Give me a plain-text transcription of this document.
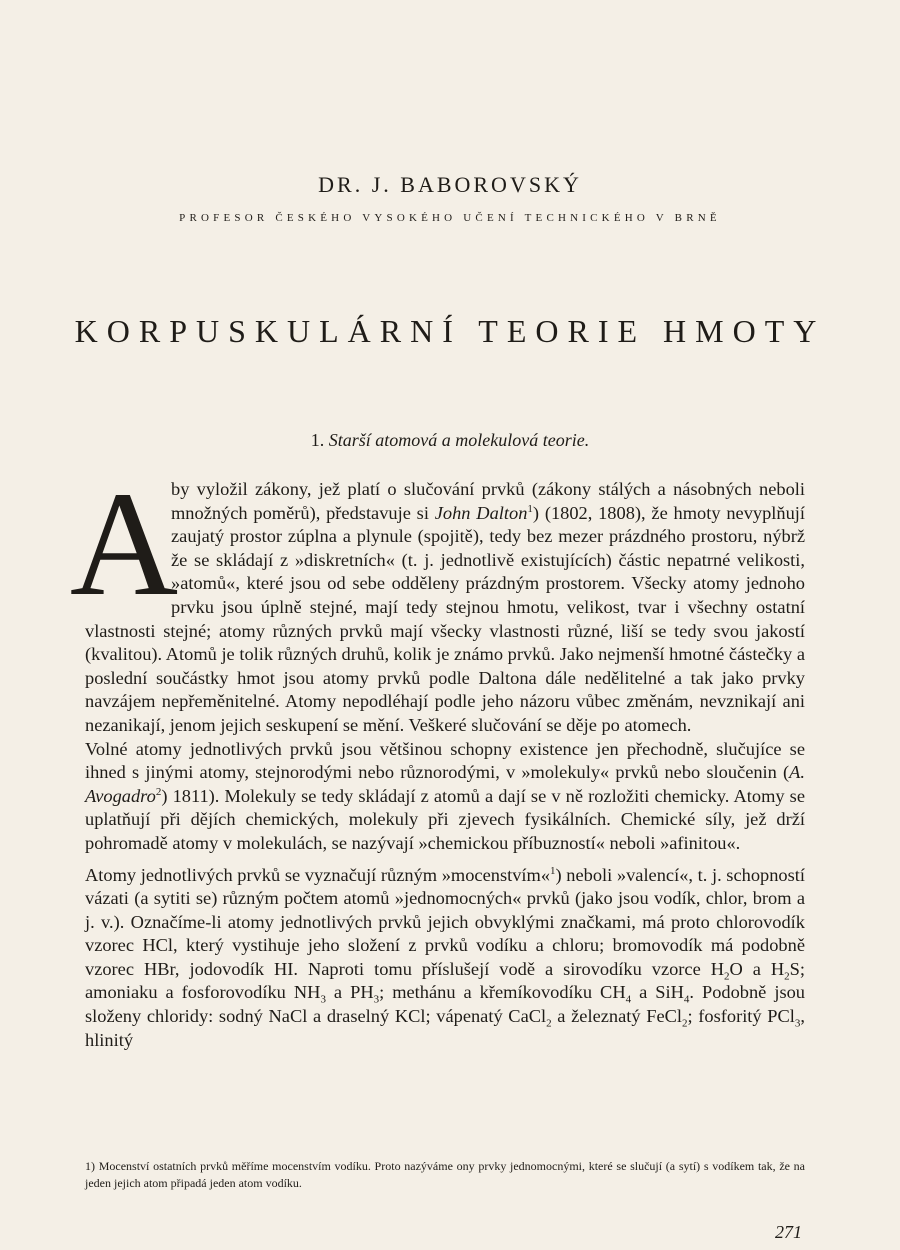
DR. J. BABOROVSKÝ
PROFESOR ČESKÉHO VYSOKÉHO UČENÍ TECHNICKÉHO V BRNĚ
KORPUSKULÁRNÍ TEORIE HMOTY
1. Starší atomová a molekulová teorie.
A

by vyložil zákony, jež platí o slučování prvků (zákony stálých a násobných neboli množných poměrů), představuje si John Dalton$^1$) (1802, 1808), že hmoty nevyplňují zaujatý prostor zúplna a plynule (spojitě), tedy bez mezer prázdného prostoru, nýbrž že se skládají z »diskretních« (t. j. jednotlivě existujících) částic nepatrné velikosti, »atomů«, které jsou od sebe odděleny prázdným prostorem. Všecky atomy jednoho prvku jsou úplně stejné, mají tedy stejnou hmotu, velikost, tvar i všechny ostatní vlastnosti stejné; atomy různých prvků mají všecky vlastnosti různé, liší se tedy svou jakostí (kvalitou). Atomů je tolik různých druhů, kolik je známo prvků. Jako nejmenší hmotné částečky a poslední součástky hmot jsou atomy prvků podle Daltona dále nedělitelné a tak jako prvky navzájem nepřeměnitelné. Atomy nepodléhají podle jeho názoru vůbec změnám, nevznikají ani nezanikají, jenom jejich seskupení se mění. Veškeré slučování se děje po atomech.

Volné atomy jednotlivých prvků jsou většinou schopny existence jen přechodně, slučujíce se ihned s jinými atomy, stejnorodými nebo různorodými, v »molekuly« prvků nebo sloučenin (A. Avogadro$^2$) 1811). Molekuly se tedy skládají z atomů a dají se v ně rozložiti chemicky. Atomy se uplatňují při dějích chemických, molekuly při zjevech fysikálních. Chemické síly, jež drží pohromadě atomy v molekulách, se nazývají »chemickou příbuzností« neboli »afinitou«.

Atomy jednotlivých prvků se vyznačují různým »mocenstvím«$^1$) neboli »valencí«, t. j. schopností vázati (a sytiti se) různým počtem atomů »jednomocných« prvků (jako jsou vodík, chlor, brom a j. v.). Označíme-li atomy jednotlivých prvků jejich obvyklými značkami, má proto chlorovodík vzorec HCl, který vystihuje jeho složení z prvků vodíku a chloru; bromovodík má podobně vzorec HBr, jodovodík HI. Naproti tomu příslušejí vodě a sirovodíku vzorce $H_2O$ a $H_2S$; amoniaku a fosforovodíku $NH_3$ a $PH_3$; methánu a křemíkovodíku $CH_4$ a SiH$_4$. Podobně jsou složeny chloridy: sodný NaCl a draselný KCl; vápenatý CaCl$_2$ a železnatý FeCl$_2$; fosforitý PCl$_3$, hlinitý

1) Mocenství ostatních prvků měříme mocenstvím vodíku. Proto nazýváme ony prvky jednomocnými, které se slučují (a sytí) s vodíkem tak, že na jeden jejich atom připadá jeden atom vodíku.
271
